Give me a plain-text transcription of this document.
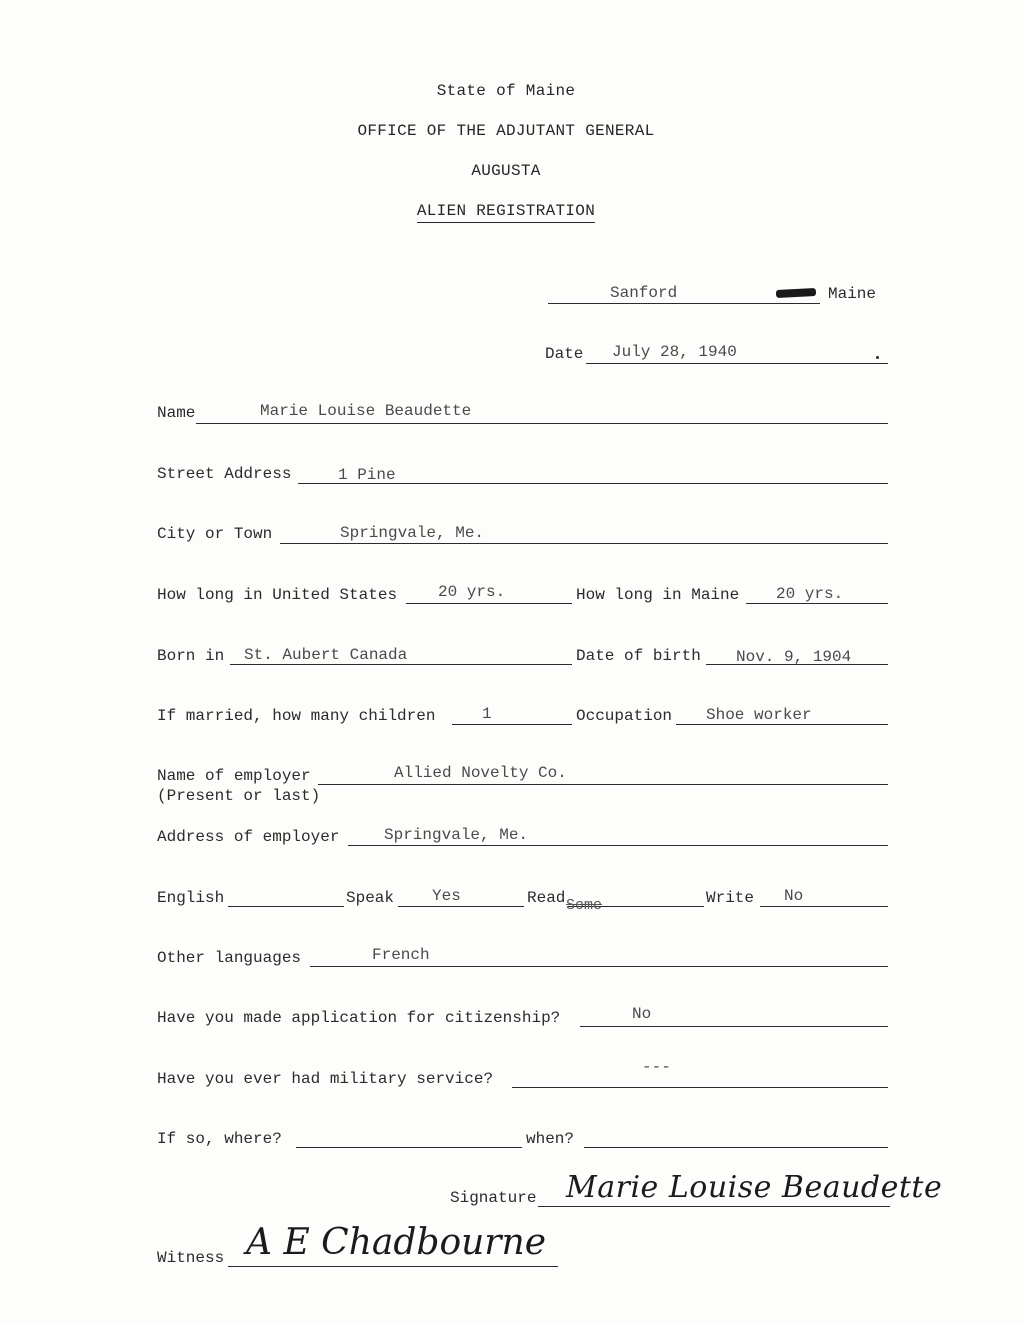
State of Maine
OFFICE OF THE ADJUTANT GENERAL
AUGUSTA
ALIEN REGISTRATION
Sanford	Maine
Date July 28, 1940
Name	Marie Louise Beaudette
Street Address	1 Pine
City or Town	Springvale, Me.
How long in United States	20 yrs.	How long in Maine 20 yrs.
Born in St. Aubert Canada	Date of birth Nov. 9, 1904
If married, how many children	1	Occupation Shoe worker
Name of employer
(Present or last)
Allied Novelty Co.
Address of employer	Springvale, Me.
English	Speak Yes	Read Some	Write No
Other languages	French
Have you made application for citizenship?	No
Have you ever had military service?
---
If so, where?	when?
Signature Marie Louise Beaudette
Witness A E Chadbourne
